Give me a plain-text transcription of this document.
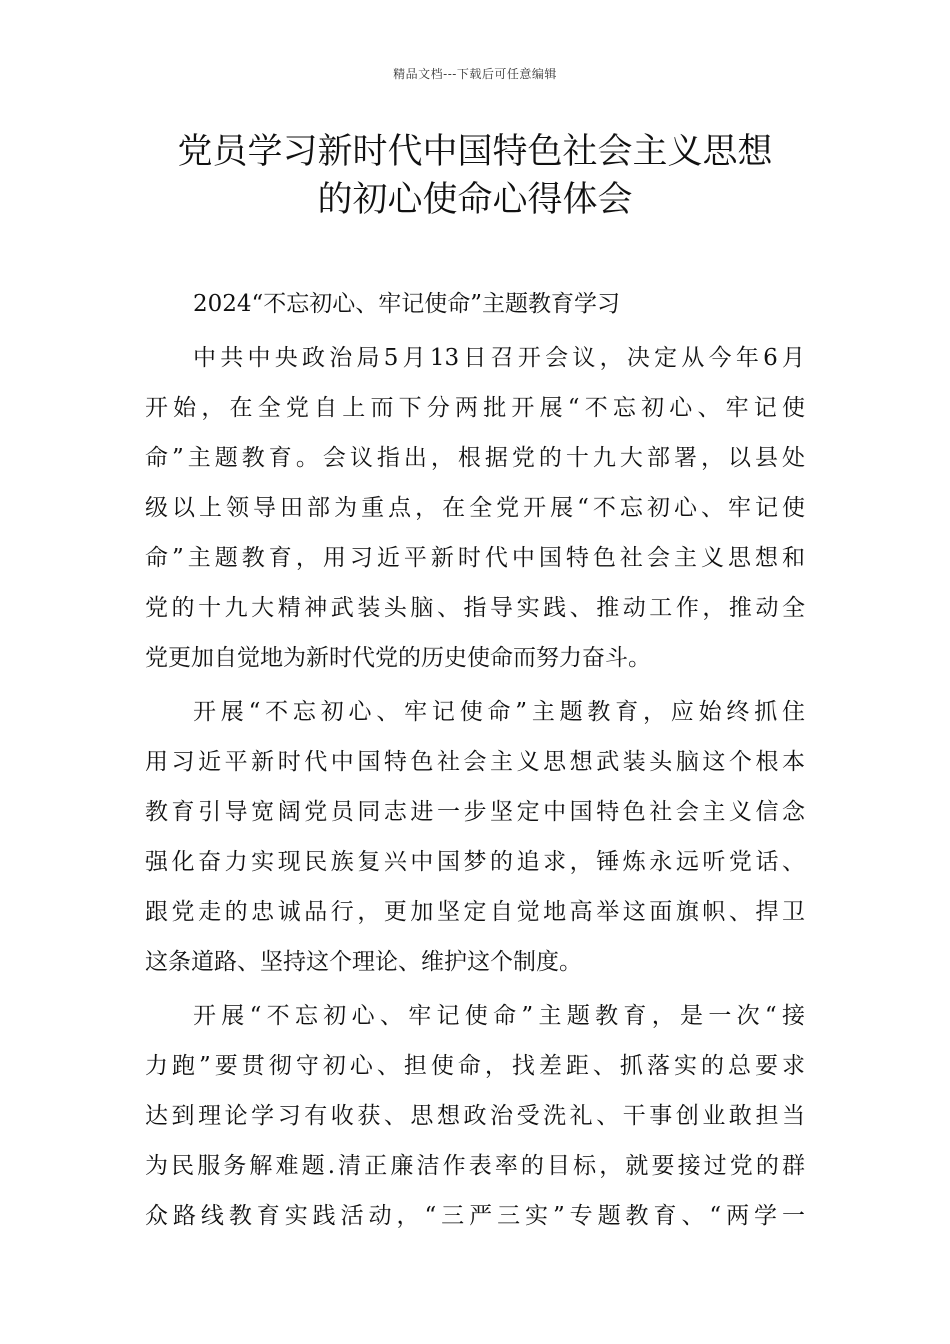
精品文档---下载后可任意编辑
党员学习新时代中国特色社会主义思想
的初心使命心得体会

2024“不忘初心、牢记使命”主题教育学习

中共中央政治局5月13日召开会议，决定从今年6月
开始，在全党自上而下分两批开展“不忘初心、牢记使
命”主题教育。会议指出，根据党的十九大部署，以县处
级以上领导田部为重点，在全党开展“不忘初心、牢记使
命”主题教育，用习近平新时代中国特色社会主义思想和
党的十九大精神武装头脑、指导实践、推动工作，推动全
党更加自觉地为新时代党的历史使命而努力奋斗。

开展“不忘初心、牢记使命”主题教育，应始终抓住
用习近平新时代中国特色社会主义思想武装头脑这个根本
教育引导宽阔党员同志进一步坚定中国特色社会主义信念
强化奋力实现民族复兴中国梦的追求，锤炼永远听党话、
跟党走的忠诚品行，更加坚定自觉地高举这面旗帜、捍卫
这条道路、坚持这个理论、维护这个制度。

开展“不忘初心、牢记使命”主题教育，是一次“接
力跑”要贯彻守初心、担使命，找差距、抓落实的总要求
达到理论学习有收获、思想政治受洗礼、干事创业敢担当
为民服务解难题.清正廉洁作表率的目标，就要接过党的群
众路线教育实践活动，“三严三实”专题教育、“两学一
